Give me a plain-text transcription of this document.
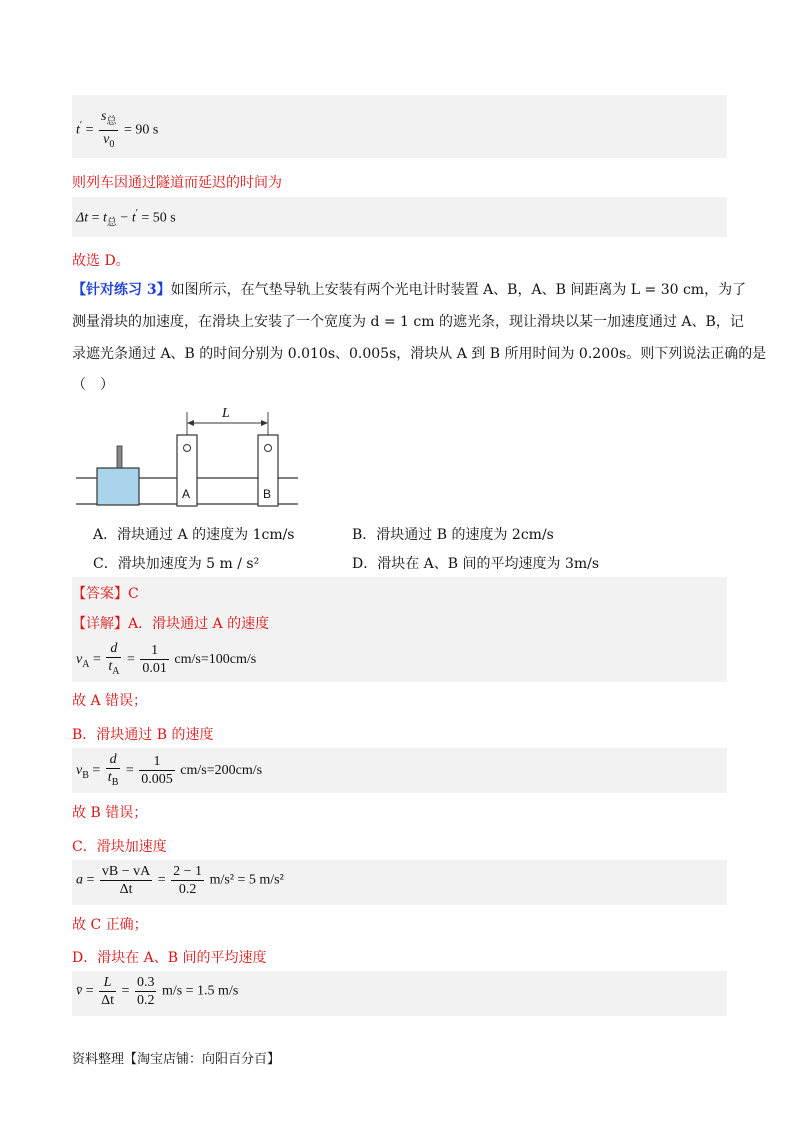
$t' = \frac{s_总}{v_0} = 90$ s
则列车因通过隧道而延迟的时间为
$\Delta t = t_总 - t' = 50$ s
故选 D。
【针对练习 3】如图所示，在气垫导轨上安装有两个光电计时装置 A、B，A、B 间距离为 L = 30 cm，为了
测量滑块的加速度，在滑块上安装了一个宽度为 d = 1 cm 的遮光条，现让滑块以某一加速度通过 A、B，记
录遮光条通过 A、B 的时间分别为 0.010s、0.005s，滑块从 A 到 B 所用时间为 0.200s。则下列说法正确的是
（　）
L
A	B
A．滑块通过 A 的速度为 1cm/s	B．滑块通过 B 的速度为 2cm/s
C．滑块加速度为 5 m / s²	D．滑块在 A、B 间的平均速度为 3m/s
【答案】C
【详解】A．滑块通过 A 的速度
$v_A = \frac{d}{t_A} = \frac{1}{0.01} cm/s=100cm/s$
故 A 错误；
B．滑块通过 B 的速度
$v_B = \frac{d}{t_B} = \frac{1}{0.005} cm/s=200cm/s$
故 B 错误；
C．滑块加速度
$a = \frac{vB - vA}{\Delta t} = \frac{2 - 1}{0.2} m/s^2 = 5$ m/s²
故 C 正确；
D．滑块在 A、B 间的平均速度
v̄ = $\frac{L}{\Delta t} = \frac{0.3}{0.2} m/s = 1.5$ m/s
资料整理【淘宝店铺：向阳百分百】
